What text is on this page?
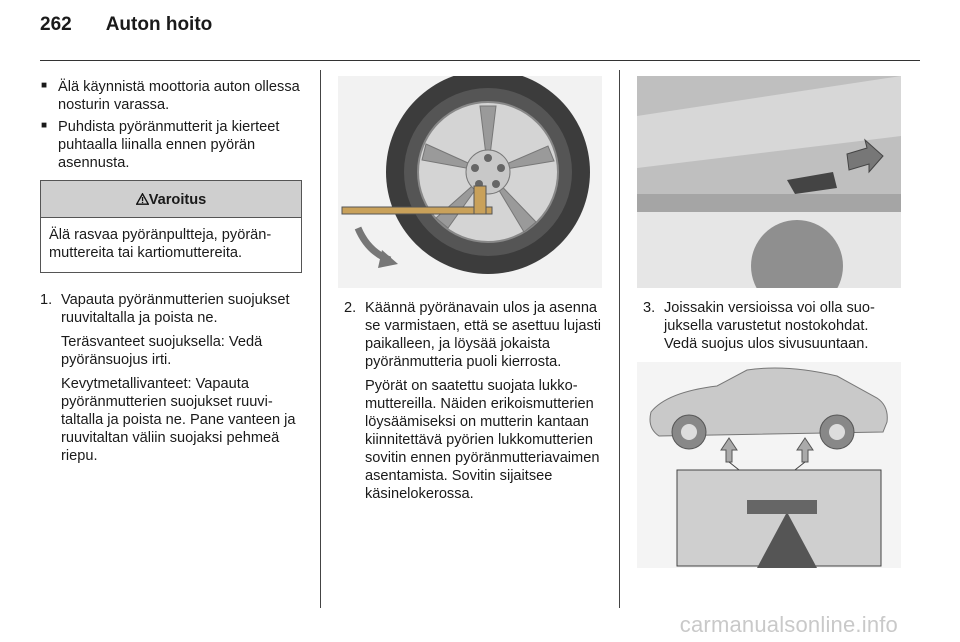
262 Auton hoito
■ Älä käynnistä moottoria auton ollessa nosturin varassa.
■ Puhdista pyöränmutterit ja kierteet puhtaalla liinalla ennen pyörän asennusta.
Varoitus
Älä rasvaa pyöränpultteja, pyöränmuttereita tai kartiomuttereita.
1. Vapauta pyöränmutterien suojukset ruuvitaltalla ja poista ne.
Teräsvanteet suojuksella: Vedä pyöränsuojus irti.
Kevytmetallivanteet: Vapauta pyöränmutterien suojukset ruuvitaltalla ja poista ne. Pane vanteen ja ruuvitaltan väliin suojaksi pehmeä riepu.
2. Käännä pyöränavain ulos ja asenna se varmistaen, että se asettuu lujasti paikalleen, ja löysää jokaista pyöränmutteria puoli kierrosta.
Pyörät on saatettu suojata lukkomuttereilla. Näiden erikoismutterien löysäämiseksi on mutterin kantaan kiinnitettävä pyörien lukkomutterien sovitin ennen pyöränmutteriavaimen asentamista. Sovitin sijaitsee käsinelokerossa.
3. Joissakin versioissa voi olla suojuksella varustetut nostokohdat. Vedä suojus ulos sivusuuntaan.
carmanualsonline.info
